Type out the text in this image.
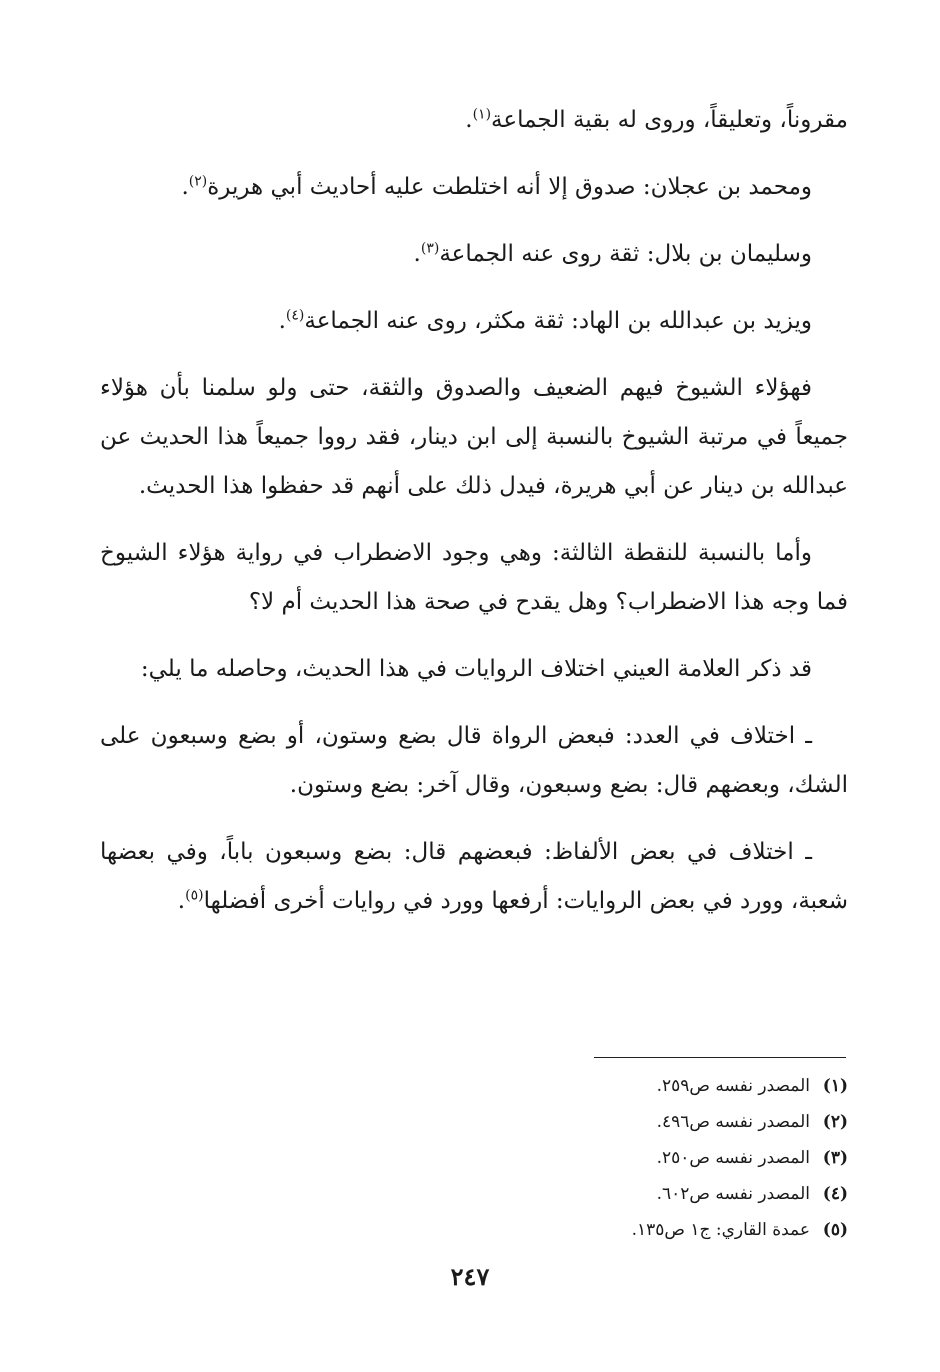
مقروناً، وتعليقاً، وروى له بقية الجماعة$^{(١)}$.

ومحمد بن عجلان: صدوق إلا أنه اختلطت عليه أحاديث أبي هريرة$^{(٢)}$.

وسليمان بن بلال: ثقة روى عنه الجماعة$^{(٣)}$.

ويزيد بن عبدالله بن الهاد: ثقة مكثر، روى عنه الجماعة$^{(٤)}$.

فهؤلاء الشيوخ فيهم الضعيف والصدوق والثقة، حتى ولو سلمنا بأن هؤلاء جميعاً في مرتبة الشيوخ بالنسبة إلى ابن دينار، فقد رووا جميعاً هذا الحديث عن عبدالله بن دينار عن أبي هريرة، فيدل ذلك على أنهم قد حفظوا هذا الحديث.

وأما بالنسبة للنقطة الثالثة: وهي وجود الاضطراب في رواية هؤلاء الشيوخ فما وجه هذا الاضطراب؟ وهل يقدح في صحة هذا الحديث أم لا؟

قد ذكر العلامة العيني اختلاف الروايات في هذا الحديث، وحاصله ما يلي:

ـ اختلاف في العدد: فبعض الرواة قال بضع وستون، أو بضع وسبعون على الشك، وبعضهم قال: بضع وسبعون، وقال آخر: بضع وستون.

ـ اختلاف في بعض الألفاظ: فبعضهم قال: بضع وسبعون باباً، وفي بعضها شعبة، وورد في بعض الروايات: أرفعها وورد في روايات أخرى أفضلها$^{(٥)}$.

(١)المصدر نفسه ص٢٥٩.
(٢)المصدر نفسه ص٤٩٦.
(٣)المصدر نفسه ص٢٥٠.
(٤)المصدر نفسه ص٦٠٢.
(٥)عمدة القاري: ج١ ص١٣٥.
٢٤٧
